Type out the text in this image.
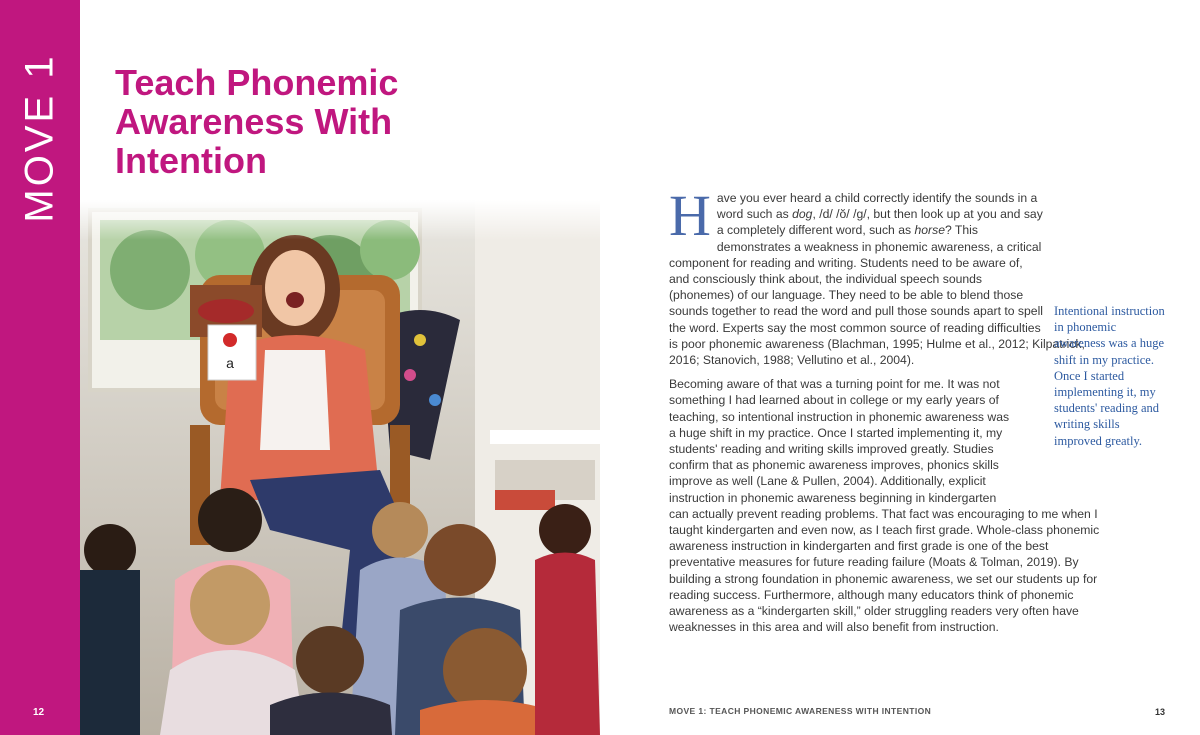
MOVE 1
12
Teach Phonemic Awareness With Intention
a

Have you ever heard a child correctly identify the sounds in a word such as dog, /d/ /ŏ/ /g/, but then look up at you and say a completely different word, such as horse? This demonstrates a weakness in phonemic awareness, a critical component for reading and writing. Students need to be aware of, and consciously think about, the individual speech sounds (phonemes) of our language. They need to be able to blend those sounds together to read the word and pull those sounds apart to spell the word. Experts say the most common source of reading difficulties is poor phonemic awareness (Blachman, 1995; Hulme et al., 2012; Kilpatrick, 2016; Stanovich, 1988; Vellutino et al., 2004).

Becoming aware of that was a turning point for me. It was not something I had learned about in college or my early years of teaching, so intentional instruction in phonemic awareness was a huge shift in my practice. Once I started implementing it, my students' reading and writing skills improved greatly. Studies confirm that as phonemic awareness improves, phonics skills improve as well (Lane & Pullen, 2004). Additionally, explicit instruction in phonemic awareness beginning in kindergarten can actually prevent reading problems. That fact was encouraging to me when I taught kindergarten and even now, as I teach first grade. Whole-class phonemic awareness instruction in kindergarten and first grade is one of the best preventative measures for future reading failure (Moats & Tolman, 2019). By building a strong foundation in phonemic awareness, we set our students up for reading success. Furthermore, although many educators think of phonemic awareness as a “kindergarten skill,” older struggling readers very often have weaknesses in this area and will also benefit from instruction.

Intentional instruction in phonemic awareness was a huge shift in my practice. Once I started implementing it, my students' reading and writing skills improved greatly.
MOVE 1: TEACH PHONEMIC AWARENESS WITH INTENTION	13
